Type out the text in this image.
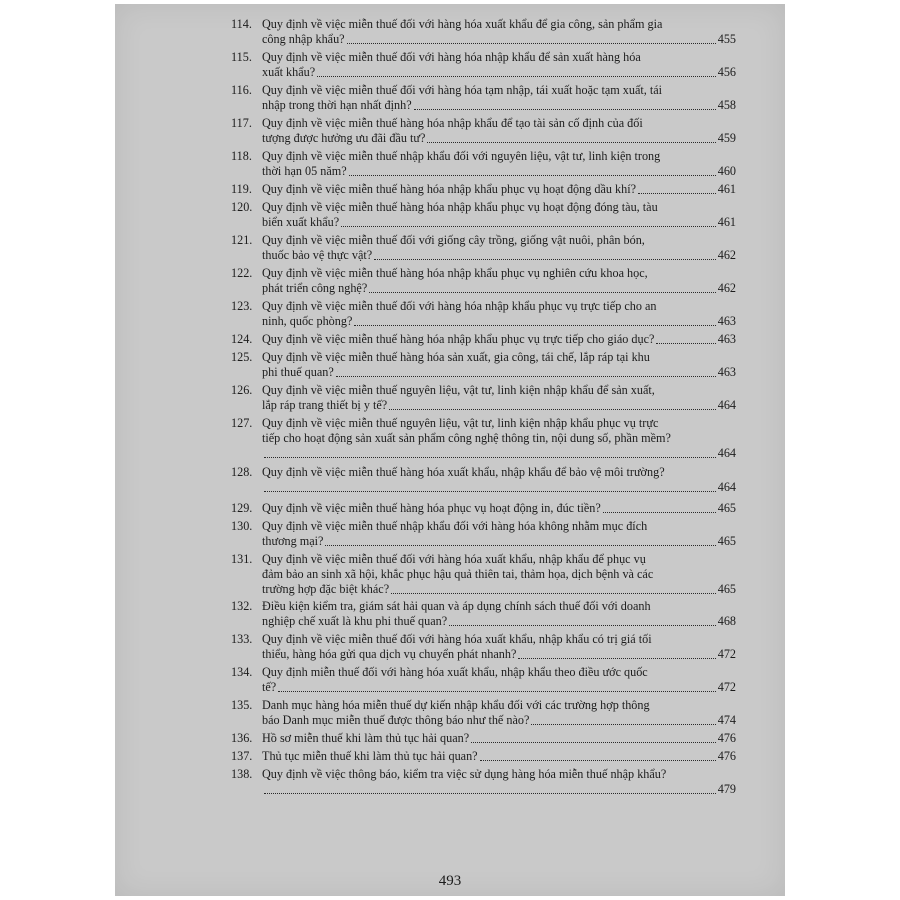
114. Quy định về việc miễn thuế đối với hàng hóa xuất khẩu để gia công, sản phẩm gia
công nhập khẩu?	455
115. Quy định về việc miễn thuế đối với hàng hóa nhập khẩu để sản xuất hàng hóa
xuất khẩu?	456
116. Quy định về việc miễn thuế đối với hàng hóa tạm nhập, tái xuất hoặc tạm xuất, tái
nhập trong thời hạn nhất định?	458
117. Quy định về việc miễn thuế hàng hóa nhập khẩu để tạo tài sản cố định của đối
tượng được hưởng ưu đãi đầu tư?	459
118. Quy định về việc miễn thuế nhập khẩu đối với nguyên liệu, vật tư, linh kiện trong
thời hạn 05 năm?	460
119. Quy định về việc miễn thuế hàng hóa nhập khẩu phục vụ hoạt động dầu khí?	461
120. Quy định về việc miễn thuế hàng hóa nhập khẩu phục vụ hoạt động đóng tàu, tàu
biển xuất khẩu?	461
121. Quy định về việc miễn thuế đối với giống cây trồng, giống vật nuôi, phân bón,
thuốc bảo vệ thực vật?	462
122. Quy định về việc miễn thuế hàng hóa nhập khẩu phục vụ nghiên cứu khoa học,
phát triển công nghệ?	462
123. Quy định về việc miễn thuế đối với hàng hóa nhập khẩu phục vụ trực tiếp cho an
ninh, quốc phòng?	463
124. Quy định về việc miễn thuế hàng hóa nhập khẩu phục vụ trực tiếp cho giáo dục?	463
125. Quy định về việc miễn thuế hàng hóa sản xuất, gia công, tái chế, lắp ráp tại khu
phi thuế quan?	463
126. Quy định về việc miễn thuế nguyên liệu, vật tư, linh kiện nhập khẩu để sản xuất,
lắp ráp trang thiết bị y tế?	464
127. Quy định về việc miễn thuế nguyên liệu, vật tư, linh kiện nhập khẩu phục vụ trực
tiếp cho hoạt động sản xuất sản phẩm công nghệ thông tin, nội dung số, phần mềm?
464
128. Quy định về việc miễn thuế hàng hóa xuất khẩu, nhập khẩu để bảo vệ môi trường?
464
129. Quy định về việc miễn thuế hàng hóa phục vụ hoạt động in, đúc tiền?	465
130. Quy định về việc miễn thuế nhập khẩu đối với hàng hóa không nhằm mục đích
thương mại?	465
131. Quy định về việc miễn thuế đối với hàng hóa xuất khẩu, nhập khẩu để phục vụ
đảm bảo an sinh xã hội, khắc phục hậu quả thiên tai, thảm họa, dịch bệnh và các
trường hợp đặc biệt khác?	465
132. Điều kiện kiểm tra, giám sát hải quan và áp dụng chính sách thuế đối với doanh
nghiệp chế xuất là khu phi thuế quan?	468
133. Quy định về việc miễn thuế đối với hàng hóa xuất khẩu, nhập khẩu có trị giá tối
thiểu, hàng hóa gửi qua dịch vụ chuyển phát nhanh?	472
134. Quy định miễn thuế đối với hàng hóa xuất khẩu, nhập khẩu theo điều ước quốc
tế?	472
135. Danh mục hàng hóa miễn thuế dự kiến nhập khẩu đối với các trường hợp thông
báo Danh mục miễn thuế được thông báo như thế nào?	474
136. Hồ sơ miễn thuế khi làm thủ tục hải quan?	476
137. Thủ tục miễn thuế khi làm thủ tục hải quan?	476
138. Quy định về việc thông báo, kiểm tra việc sử dụng hàng hóa miễn thuế nhập khẩu?
479
493
